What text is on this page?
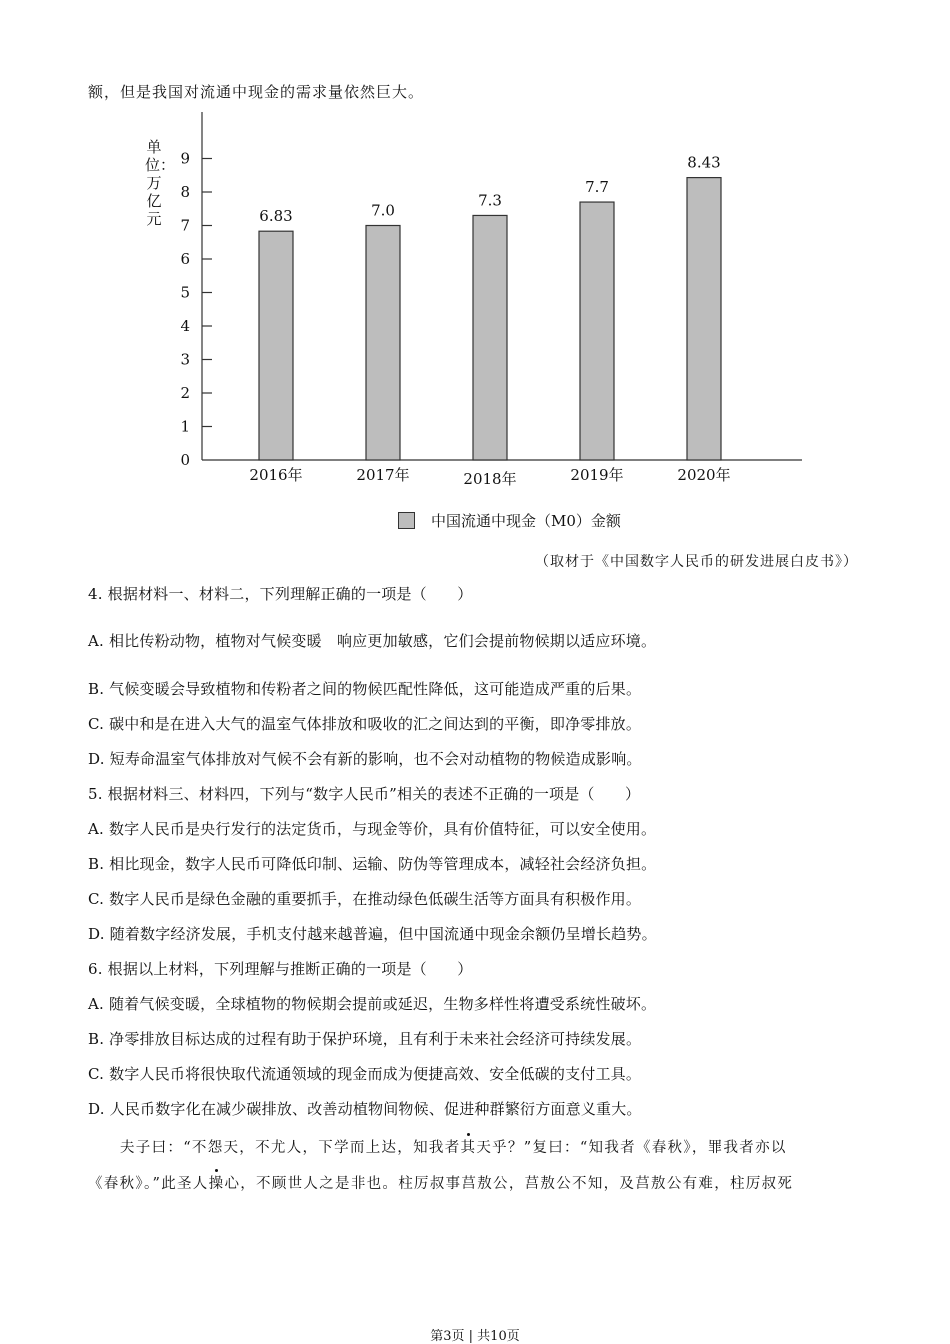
额，但是我国对流通中现金的需求量依然巨大。
单位：万亿元
0
1
2
3
4
5
6
7
8
9
6.83
2016年
7.0
2017年
7.3
2018年
7.7
2019年
8.43
2020年
中国流通中现金（M0）金额
（取材于《中国数字人民币的研发进展白皮书》）
4. 根据材料一、材料二，下列理解正确的一项是（　　）
A. 相比传粉动物，植物对气候变暖　响应更加敏感，它们会提前物候期以适应环境。
B. 气候变暖会导致植物和传粉者之间的物候匹配性降低，这可能造成严重的后果。
C. 碳中和是在进入大气的温室气体排放和吸收的汇之间达到的平衡，即净零排放。
D. 短寿命温室气体排放对气候不会有新的影响，也不会对动植物的物候造成影响。
5. 根据材料三、材料四，下列与“数字人民币”相关的表述不正确的一项是（　　）
A. 数字人民币是央行发行的法定货币，与现金等价，具有价值特征，可以安全使用。
B. 相比现金，数字人民币可降低印制、运输、防伪等管理成本，减轻社会经济负担。
C. 数字人民币是绿色金融的重要抓手，在推动绿色低碳生活等方面具有积极作用。
D. 随着数字经济发展，手机支付越来越普遍，但中国流通中现金余额仍呈增长趋势。
6. 根据以上材料，下列理解与推断正确的一项是（　　）
A. 随着气候变暖，全球植物的物候期会提前或延迟，生物多样性将遭受系统性破坏。
B. 净零排放目标达成的过程有助于保护环境，且有利于未来社会经济可持续发展。
C. 数字人民币将很快取代流通领域的现金而成为便捷高效、安全低碳的支付工具。
D. 人民币数字化在减少碳排放、改善动植物间物候、促进种群繁衍方面意义重大。
夫子曰：“不怨天，不尤人，下学而上达，知我者其天乎？”复曰：“知我者《春秋》，罪我者亦以
《春秋》。”此圣人操心，不顾世人之是非也。柱厉叔事莒敖公，莒敖公不知，及莒敖公有难，柱厉叔死
第3页 | 共10页
